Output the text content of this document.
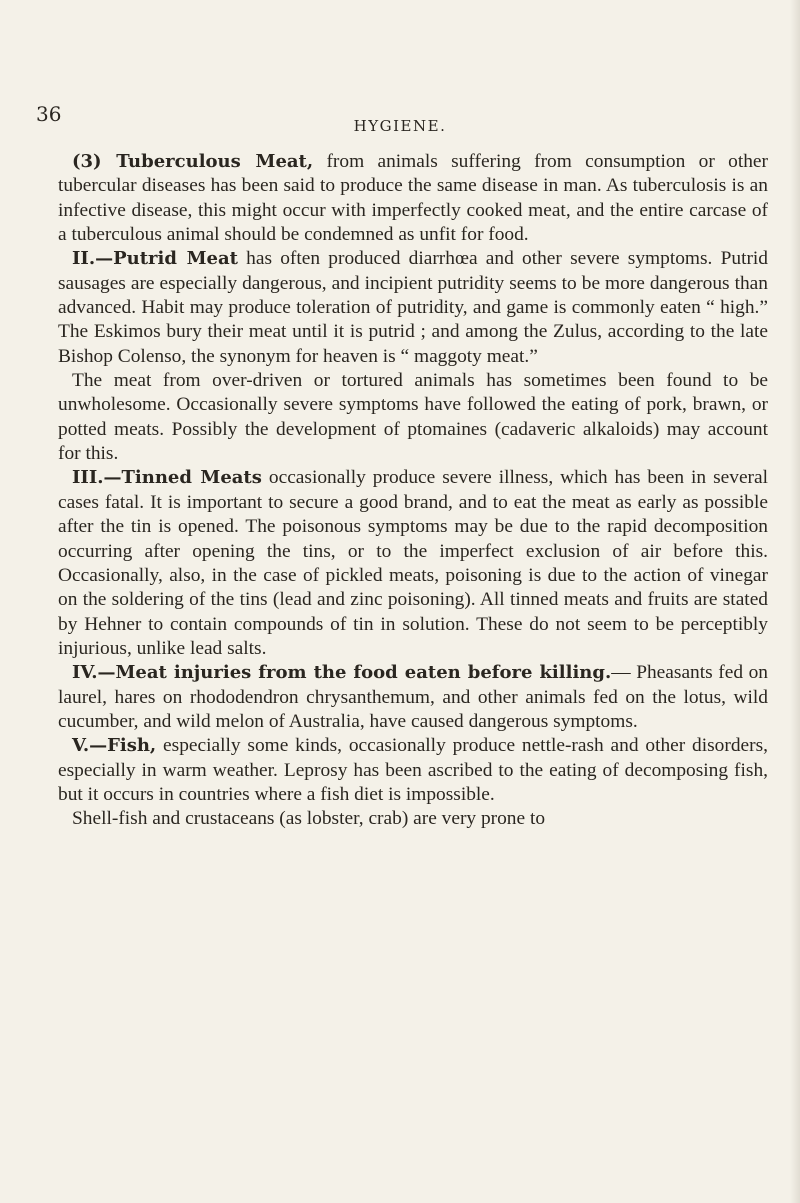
36	HYGIENE.

(3) Tuberculous Meat, from animals suffering from consumption or other tubercular diseases has been said to produce the same disease in man. As tuberculosis is an infective disease, this might occur with imperfectly cooked meat, and the entire carcase of a tuberculous animal should be condemned as unfit for food.

II.—Putrid Meat has often produced diarrhœa and other severe symptoms. Putrid sausages are especially dangerous, and incipient putridity seems to be more dangerous than advanced. Habit may produce toleration of putridity, and game is commonly eaten “ high.” The Eskimos bury their meat until it is putrid ; and among the Zulus, according to the late Bishop Colenso, the synonym for heaven is “ maggoty meat.”

The meat from over-driven or tortured animals has sometimes been found to be unwholesome. Occasionally severe symptoms have followed the eating of pork, brawn, or potted meats. Possibly the development of ptomaines (cadaveric alkaloids) may account for this.

III.—Tinned Meats occasionally produce severe illness, which has been in several cases fatal. It is important to secure a good brand, and to eat the meat as early as possible after the tin is opened. The poisonous symptoms may be due to the rapid decomposition occurring after opening the tins, or to the imperfect exclusion of air before this. Occasionally, also, in the case of pickled meats, poisoning is due to the action of vinegar on the soldering of the tins (lead and zinc poisoning). All tinned meats and fruits are stated by Hehner to contain compounds of tin in solution. These do not seem to be perceptibly injurious, unlike lead salts.

IV.—Meat injuries from the food eaten before killing.— Pheasants fed on laurel, hares on rhododendron chrysanthemum, and other animals fed on the lotus, wild cucumber, and wild melon of Australia, have caused dangerous symptoms.

V.—Fish, especially some kinds, occasionally produce nettle-rash and other disorders, especially in warm weather. Leprosy has been ascribed to the eating of decomposing fish, but it occurs in countries where a fish diet is impossible.

Shell-fish and crustaceans (as lobster, crab) are very prone to
